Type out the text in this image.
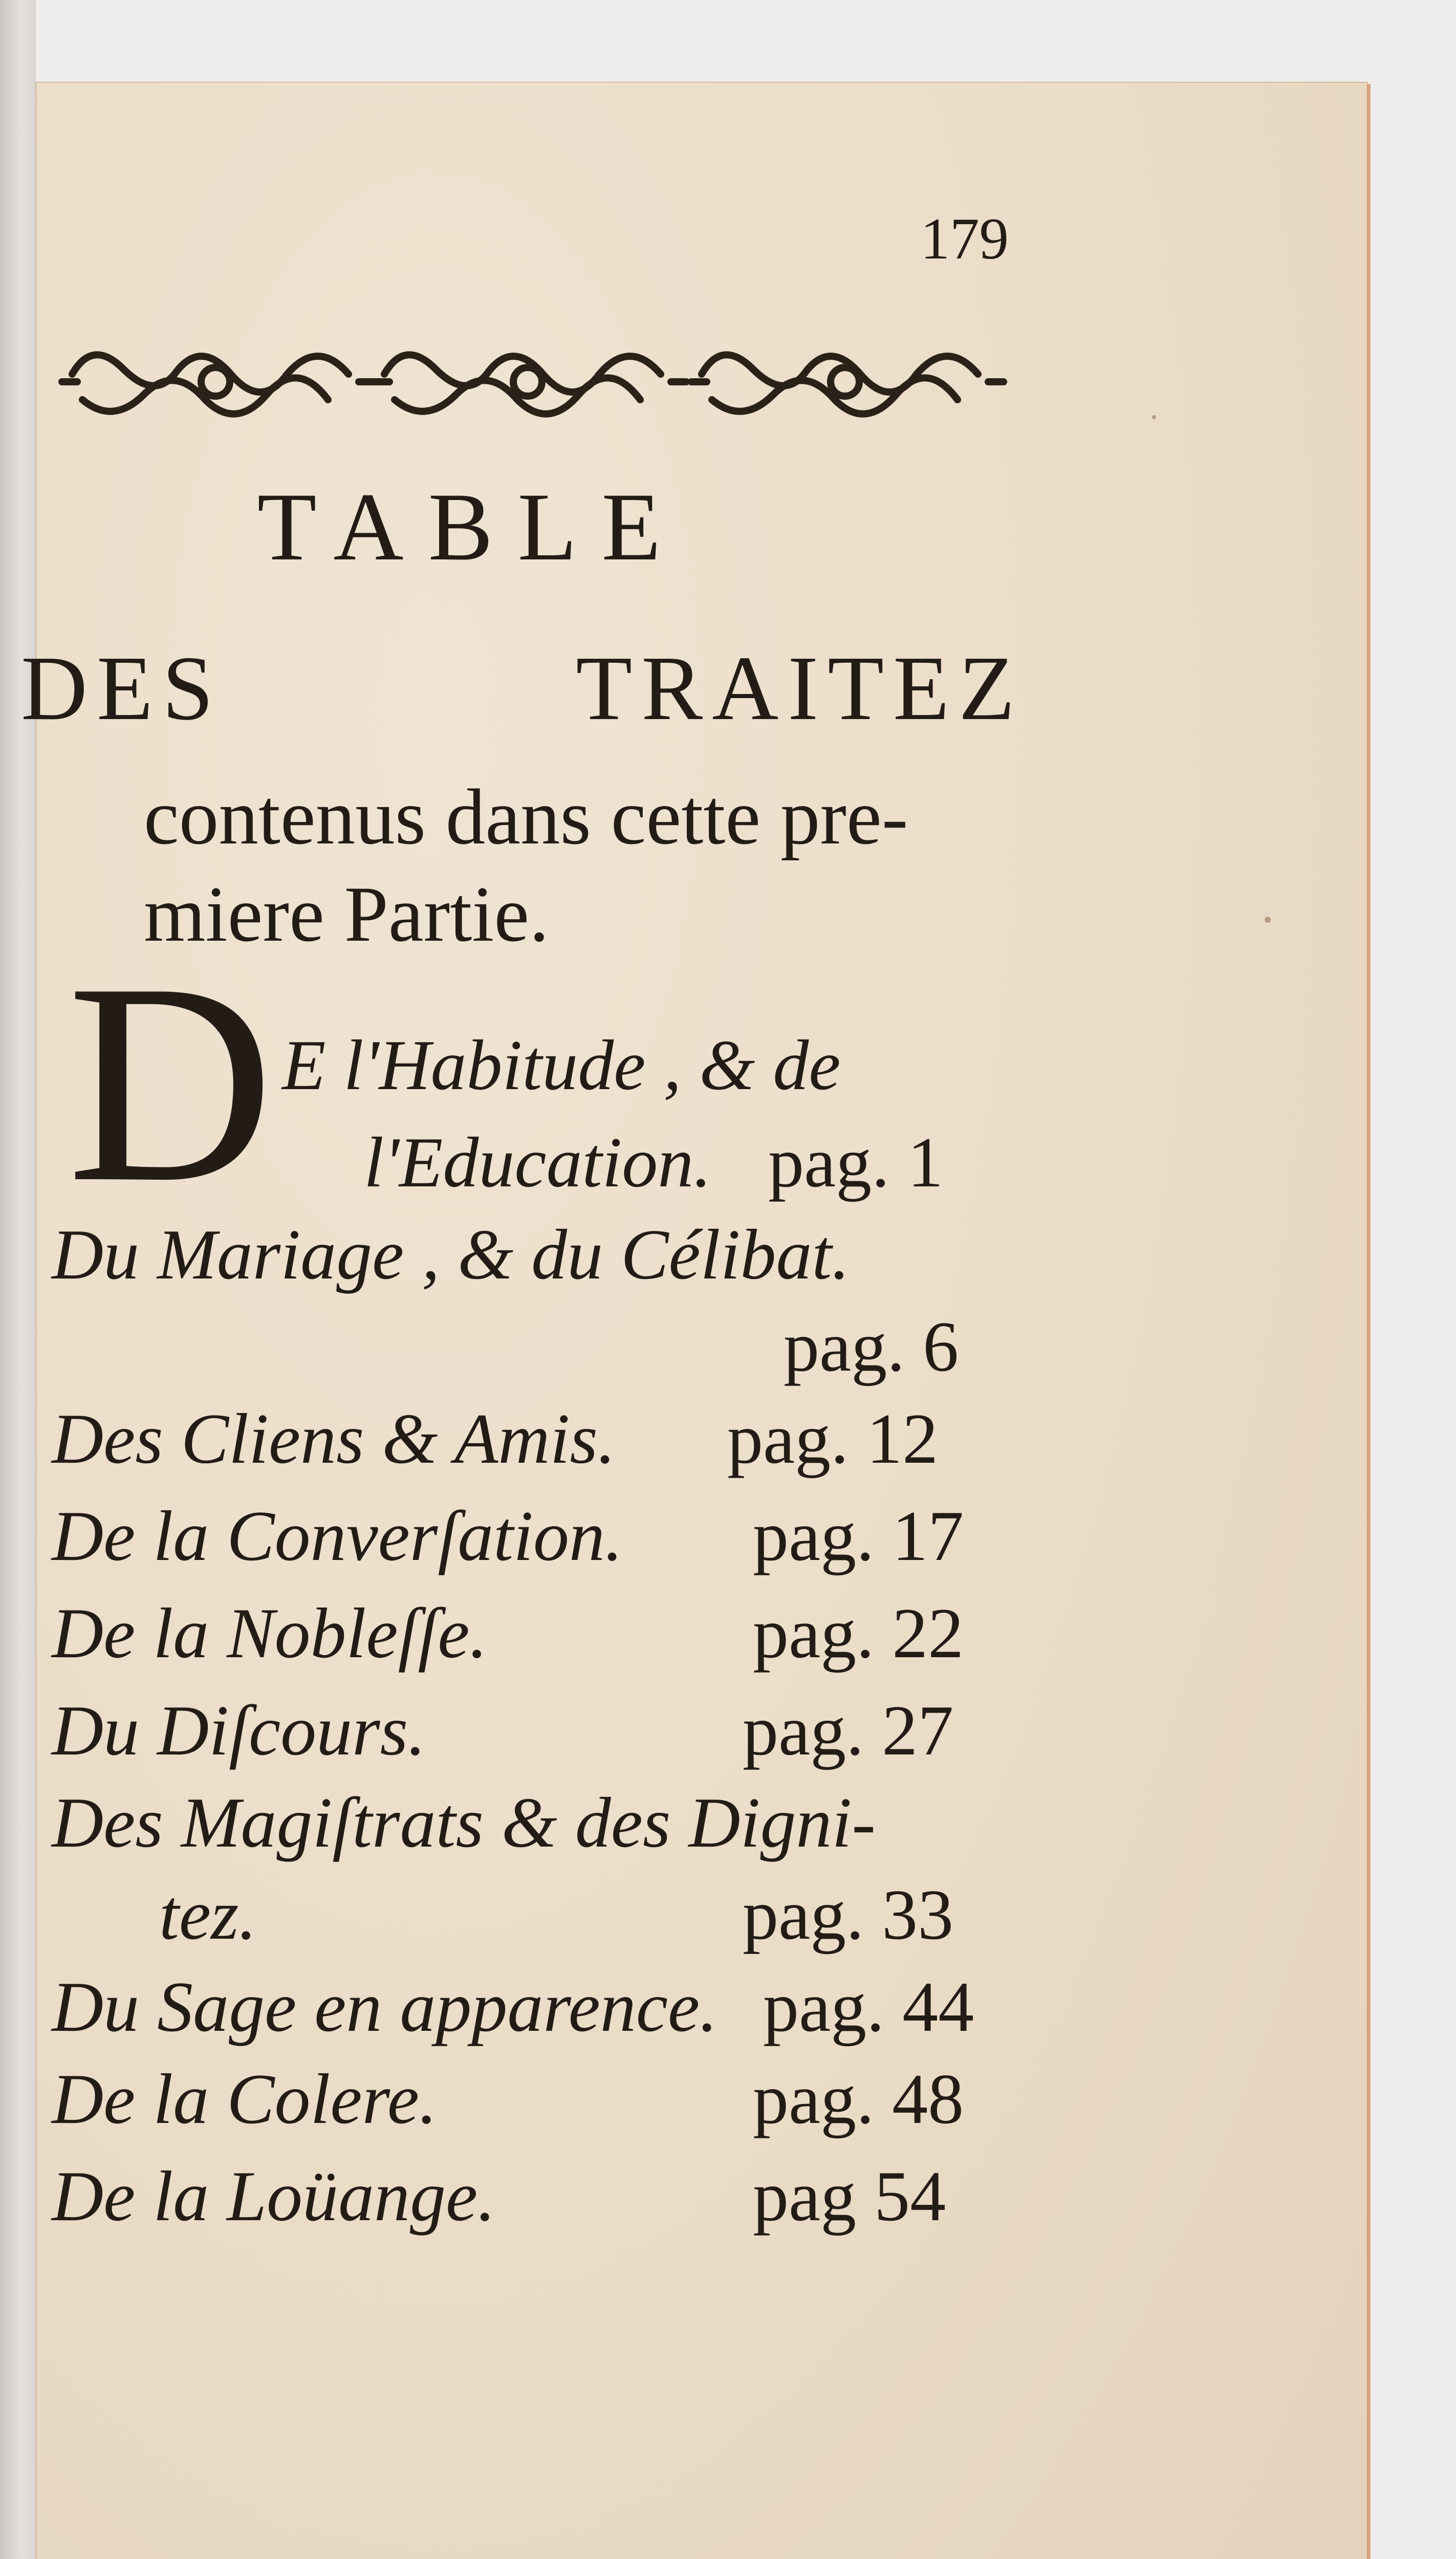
179
TABLE
DES	TRAITEZ
contenus dans cette pre-
miere Partie.
D E l'Habitude , & de
l'Education. pag. 1
Du Mariage , & du Célibat.
pag. 6
Des Cliens & Amis. pag. 12
De la Converſation. pag. 17
De la Nobleſſe.	pag. 22
Du Diſcours.	pag. 27
Des Magiſtrats & des Digni-
tez.	pag. 33
Du Sage en apparence. pag. 44
De la Colere.	pag. 48
De la Loüange.	pag 54
